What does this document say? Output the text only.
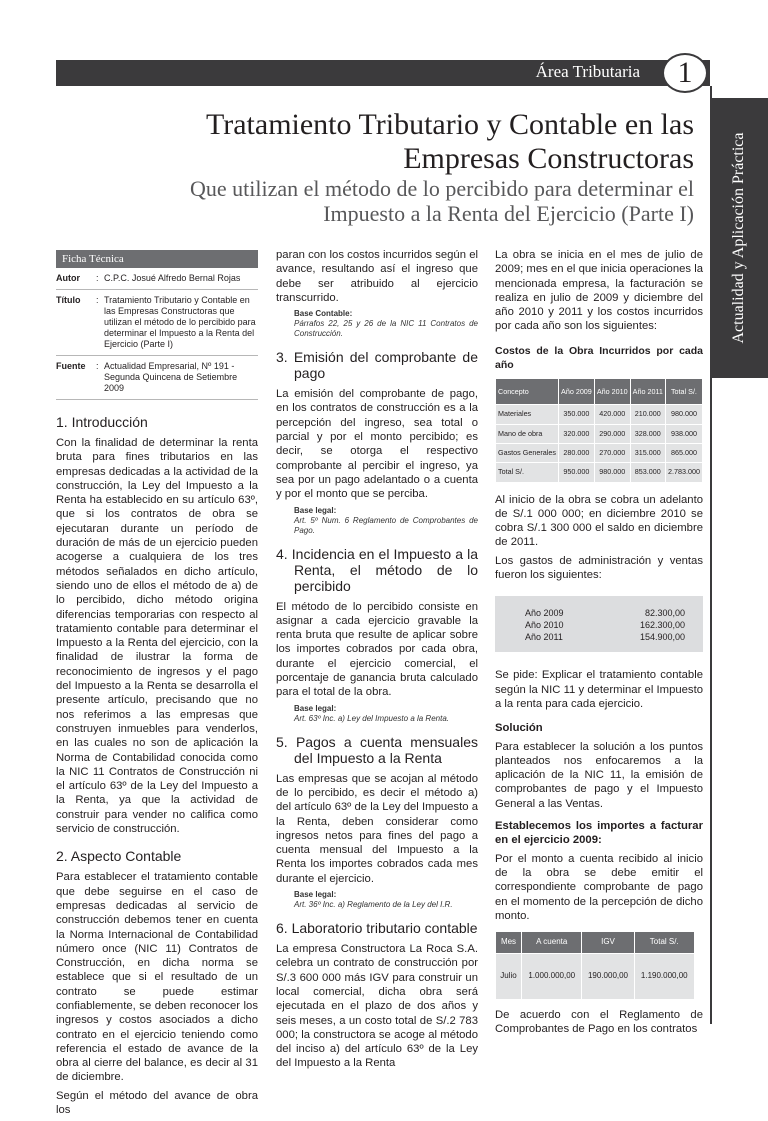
Área Tributaria	1
Actualidad y Aplicación Práctica
Tratamiento Tributario y Contable en las
Empresas Constructoras
Que utilizan el método de lo percibido para determinar el
Impuesto a la Renta del Ejercicio (Parte I)
Ficha Técnica
Autor	: C.P.C. Josué Alfredo Bernal Rojas
Título	: Tratamiento Tributario y Contable en las Empresas Constructoras que utilizan el método de lo percibido para determinar el Impuesto a la Renta del Ejercicio (Parte I)
Fuente	: Actualidad Empresarial, Nº 191 - Segunda Quincena de Setiembre 2009
1. Introducción

Con la finalidad de determinar la renta bruta para fines tributarios en las empresas dedicadas a la actividad de la construcción, la Ley del Impuesto a la Renta ha establecido en su artículo 63º, que si los contratos de obra se ejecutaran durante un período de duración de más de un ejercicio pueden acogerse a cualquiera de los tres métodos señalados en dicho artículo, siendo uno de ellos el método de a) de lo percibido, dicho método origina diferencias temporarias con respecto al tratamiento contable para determinar el Impuesto a la Renta del ejercicio, con la finalidad de ilustrar la forma de reconocimiento de ingresos y el pago del Impuesto a la Renta se desarrolla el presente artículo, precisando que no nos referimos a las empresas que construyen inmuebles para venderlos, en las cuales no son de aplicación la Norma de Contabilidad conocida como la NIC 11 Contratos de Construcción ni el artículo 63º de la Ley del Impuesto a la Renta, ya que la actividad de construir para vender no califica como servicio de construcción.

2. Aspecto Contable

Para establecer el tratamiento contable que debe seguirse en el caso de empresas dedicadas al servicio de construcción debemos tener en cuenta la Norma Internacional de Contabilidad número once (NIC 11) Contratos de Construcción, en dicha norma se establece que si el resultado de un contrato se puede estimar confiablemente, se deben reconocer los ingresos y costos asociados a dicho contrato en el ejercicio teniendo como referencia el estado de avance de la obra al cierre del balance, es decir al 31 de diciembre.

Según el método del avance de obra los

paran con los costos incurridos según el avance, resultando así el ingreso que debe ser atribuido al ejercicio transcurrido.

Base Contable:
Párrafos 22, 25 y 26 de la NIC 11 Contratos de Construcción.
3. Emisión del comprobante de pago

La emisión del comprobante de pago, en los contratos de construcción es a la percepción del ingreso, sea total o parcial y por el monto percibido; es decir, se otorga el respectivo comprobante al percibir el ingreso, ya sea por un pago adelantado o a cuenta y por el monto que se perciba.

Base legal:
Art. 5º Num. 6 Reglamento de Comprobantes de Pago.
4. Incidencia en el Impuesto a la Renta, el método de lo percibido

El método de lo percibido consiste en asignar a cada ejercicio gravable la renta bruta que resulte de aplicar sobre los importes cobrados por cada obra, durante el ejercicio comercial, el porcentaje de ganancia bruta calculado para el total de la obra.

Base legal:
Art. 63º Inc. a) Ley del Impuesto a la Renta.
5. Pagos a cuenta mensuales del Impuesto a la Renta

Las empresas que se acojan al método de lo percibido, es decir el método a) del artículo 63º de la Ley del Impuesto a la Renta, deben considerar como ingresos netos para fines del pago a cuenta mensual del Impuesto a la Renta los importes cobrados cada mes durante el ejercicio.

Base legal:
Art. 36º Inc. a) Reglamento de la Ley del I.R.
6. Laboratorio tributario contable

La empresa Constructora La Roca S.A. celebra un contrato de construcción por S/.3 600 000 más IGV para construir un local comercial, dicha obra será ejecutada en el plazo de dos años y seis meses, a un costo total de S/.2 783 000; la constructora se acoge al método del inciso a) del artículo 63º de la Ley del Impuesto a la Renta

La obra se inicia en el mes de julio de 2009; mes en el que inicia operaciones la mencionada empresa, la facturación se realiza en julio de 2009 y diciembre del año 2010 y 2011 y los costos incurridos por cada año son los siguientes:

Costos de la Obra Incurridos por cada año

Concepto	Año 2009	Año 2010	Año 2011	Total S/.
Materiales	350.000	420.000	210.000	980.000
Mano de obra	320.000	290.000	328.000	938.000
Gastos Generales	280.000	270.000	315.000	865.000
Total S/.	950.000	980.000	853.000	2.783.000

Al inicio de la obra se cobra un adelanto de S/.1 000 000; en diciembre 2010 se cobra S/.1 300 000 el saldo en diciembre de 2011.

Los gastos de administración y ventas fueron los siguientes:

Año 2009	82.300,00
Año 2010	162.300,00
Año 2011	154.900,00

Se pide: Explicar el tratamiento contable según la NIC 11 y determinar el Impuesto a la renta para cada ejercicio.

Solución

Para establecer la solución a los puntos planteados nos enfocaremos a la aplicación de la NIC 11, la emisión de comprobantes de pago y el Impuesto General a las Ventas.

Establecemos los importes a facturar en el ejercicio 2009:

Por el monto a cuenta recibido al inicio de la obra se debe emitir el correspondiente comprobante de pago en el momento de la percepción de dicho monto.

Mes	A cuenta	IGV	Total S/.
Julio	1.000.000,00	190.000,00	1.190.000,00

De acuerdo con el Reglamento de Comprobantes de Pago en los contratos
